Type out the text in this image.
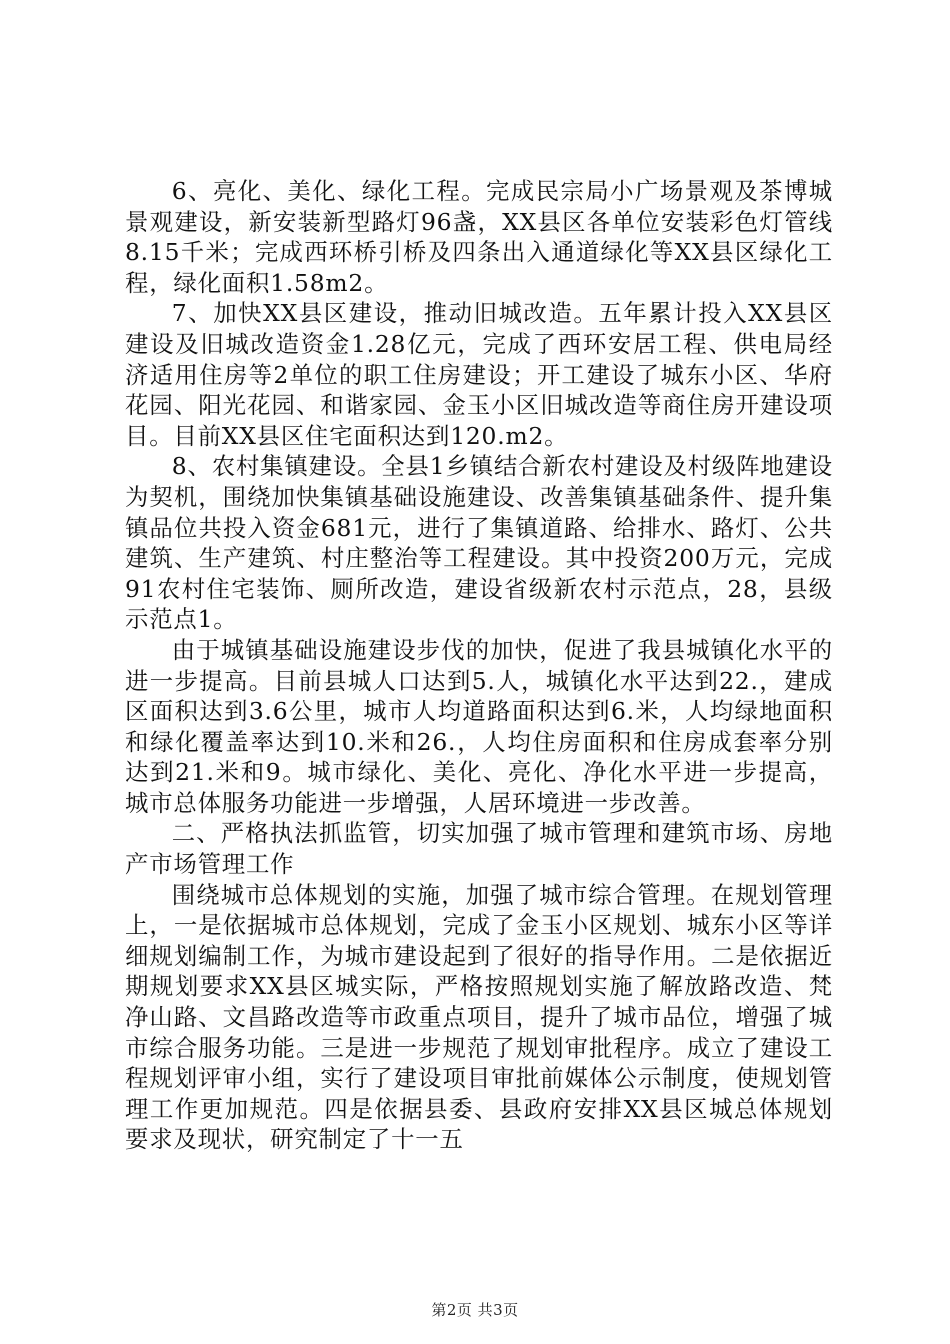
6、亮化、美化、绿化工程。完成民宗局小广场景观及茶博城景观建设，新安装新型路灯96盏，XX县区各单位安装彩色灯管线8.15千米；完成西环桥引桥及四条出入通道绿化等XX县区绿化工程，绿化面积1.58m2。

7、加快XX县区建设，推动旧城改造。五年累计投入XX县区建设及旧城改造资金1.28亿元，完成了西环安居工程、供电局经济适用住房等2单位的职工住房建设；开工建设了城东小区、华府花园、阳光花园、和谐家园、金玉小区旧城改造等商住房开建设项目。目前XX县区住宅面积达到120.m2。

8、农村集镇建设。全县1乡镇结合新农村建设及村级阵地建设为契机，围绕加快集镇基础设施建设、改善集镇基础条件、提升集镇品位共投入资金681元，进行了集镇道路、给排水、路灯、公共建筑、生产建筑、村庄整治等工程建设。其中投资200万元，完成91农村住宅装饰、厕所改造，建设省级新农村示范点，28，县级示范点1。

由于城镇基础设施建设步伐的加快，促进了我县城镇化水平的进一步提高。目前县城人口达到5.人，城镇化水平达到22.，建成区面积达到3.6公里，城市人均道路面积达到6.米，人均绿地面积和绿化覆盖率达到10.米和26.，人均住房面积和住房成套率分别达到21.米和9。城市绿化、美化、亮化、净化水平进一步提高，城市总体服务功能进一步增强，人居环境进一步改善。

二、严格执法抓监管，切实加强了城市管理和建筑市场、房地产市场管理工作

围绕城市总体规划的实施，加强了城市综合管理。在规划管理上，一是依据城市总体规划，完成了金玉小区规划、城东小区等详细规划编制工作，为城市建设起到了很好的指导作用。二是依据近期规划要求XX县区城实际，严格按照规划实施了解放路改造、梵净山路、文昌路改造等市政重点项目，提升了城市品位，增强了城市综合服务功能。三是进一步规范了规划审批程序。成立了建设工程规划评审小组，实行了建设项目审批前媒体公示制度，使规划管理工作更加规范。四是依据县委、县政府安排XX县区城总体规划要求及现状，研究制定了十一五

第2页 共3页
